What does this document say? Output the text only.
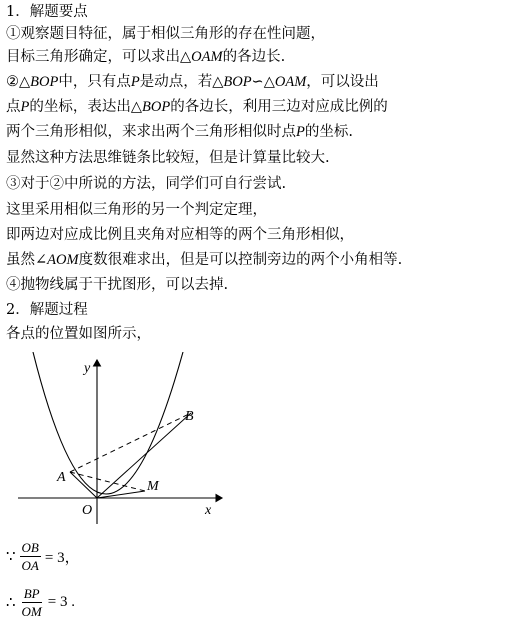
1．解题要点
①观察题目特征，属于相似三角形的存在性问题，
目标三角形确定，可以求出△OAM的各边长.
②△BOP中，只有点P是动点，若△BOP∽△OAM，可以设出
点P的坐标，表达出△BOP的各边长，利用三边对应成比例的
两个三角形相似，来求出两个三角形相似时点P的坐标.
显然这种方法思维链条比较短，但是计算量比较大.
③对于②中所说的方法，同学们可自行尝试.
这里采用相似三角形的另一个判定定理，
即两边对应成比例且夹角对应相等的两个三角形相似，
虽然∠AOM度数很难求出，但是可以控制旁边的两个小角相等.
④抛物线属于干扰图形，可以去掉.
2．解题过程
各点的位置如图所示，
y
x
O
A
B
M
∵ $\frac{OB}{OA} = 3$，
∴ $\frac{BP}{OM} = 3$ .
